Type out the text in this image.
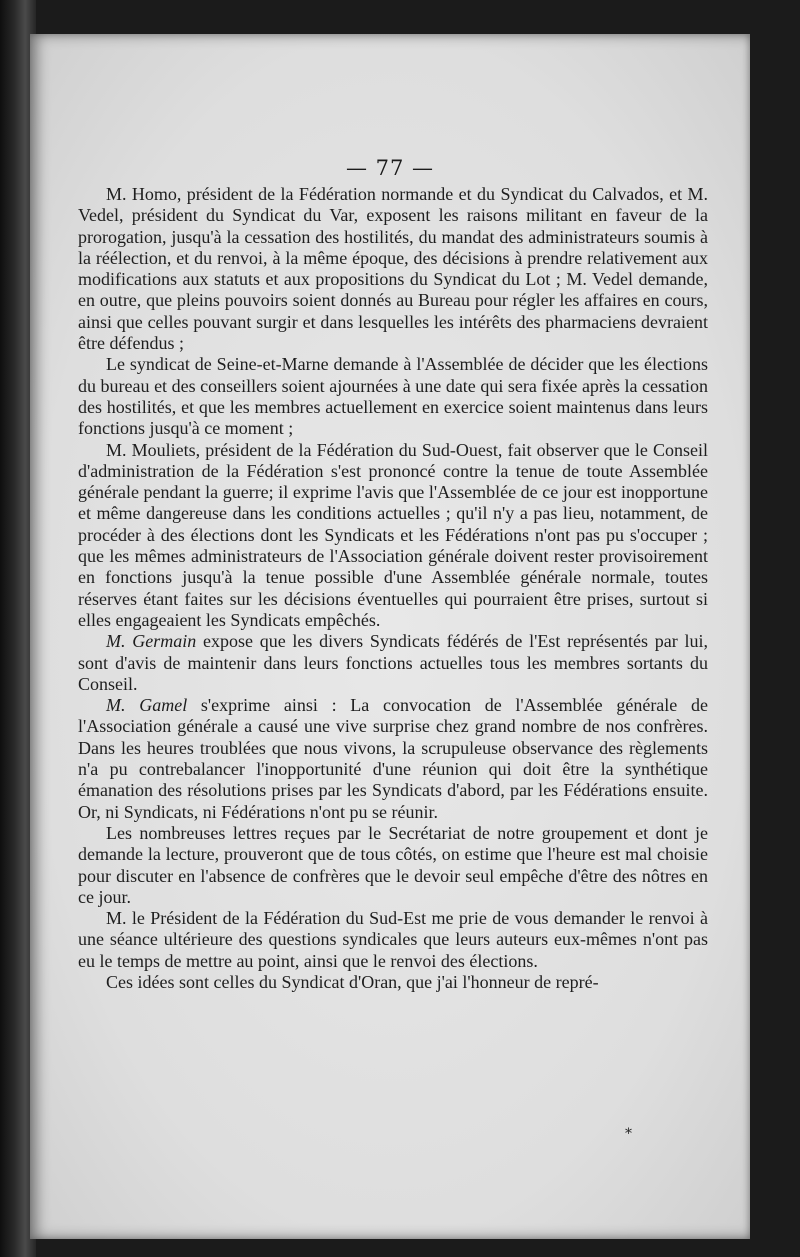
— 77 —

M. Homo, président de la Fédération normande et du Syndicat du Calvados, et M. Vedel, président du Syndicat du Var, exposent les raisons militant en faveur de la prorogation, jusqu'à la cessation des hostilités, du mandat des administrateurs soumis à la réélection, et du renvoi, à la même époque, des décisions à prendre relativement aux modifications aux statuts et aux propositions du Syndicat du Lot ; M. Vedel demande, en outre, que pleins pouvoirs soient donnés au Bureau pour régler les affaires en cours, ainsi que celles pouvant surgir et dans lesquelles les intérêts des pharmaciens devraient être défendus ;

Le syndicat de Seine-et-Marne demande à l'Assemblée de décider que les élections du bureau et des conseillers soient ajournées à une date qui sera fixée après la cessation des hostilités, et que les membres actuellement en exercice soient maintenus dans leurs fonctions jusqu'à ce moment ;

M. Mouliets, président de la Fédération du Sud-Ouest, fait observer que le Conseil d'administration de la Fédération s'est prononcé contre la tenue de toute Assemblée générale pendant la guerre; il exprime l'avis que l'Assemblée de ce jour est inopportune et même dangereuse dans les conditions actuelles ; qu'il n'y a pas lieu, notamment, de procéder à des élections dont les Syndicats et les Fédérations n'ont pas pu s'occuper ; que les mêmes administrateurs de l'Association générale doivent rester provisoirement en fonctions jusqu'à la tenue possible d'une Assemblée générale normale, toutes réserves étant faites sur les décisions éventuelles qui pourraient être prises, surtout si elles engageaient les Syndicats empêchés.

M. Germain expose que les divers Syndicats fédérés de l'Est représentés par lui, sont d'avis de maintenir dans leurs fonctions actuelles tous les membres sortants du Conseil.

M. Gamel s'exprime ainsi : La convocation de l'Assemblée générale de l'Association générale a causé une vive surprise chez grand nombre de nos confrères. Dans les heures troublées que nous vivons, la scrupuleuse observance des règlements n'a pu contrebalancer l'inopportunité d'une réunion qui doit être la synthétique émanation des résolutions prises par les Syndicats d'abord, par les Fédérations ensuite. Or, ni Syndicats, ni Fédérations n'ont pu se réunir.

Les nombreuses lettres reçues par le Secrétariat de notre groupement et dont je demande la lecture, prouveront que de tous côtés, on estime que l'heure est mal choisie pour discuter en l'absence de confrères que le devoir seul empêche d'être des nôtres en ce jour.

M. le Président de la Fédération du Sud-Est me prie de vous demander le renvoi à une séance ultérieure des questions syndicales que leurs auteurs eux-mêmes n'ont pas eu le temps de mettre au point, ainsi que le renvoi des élections.

Ces idées sont celles du Syndicat d'Oran, que j'ai l'honneur de repré-

*
